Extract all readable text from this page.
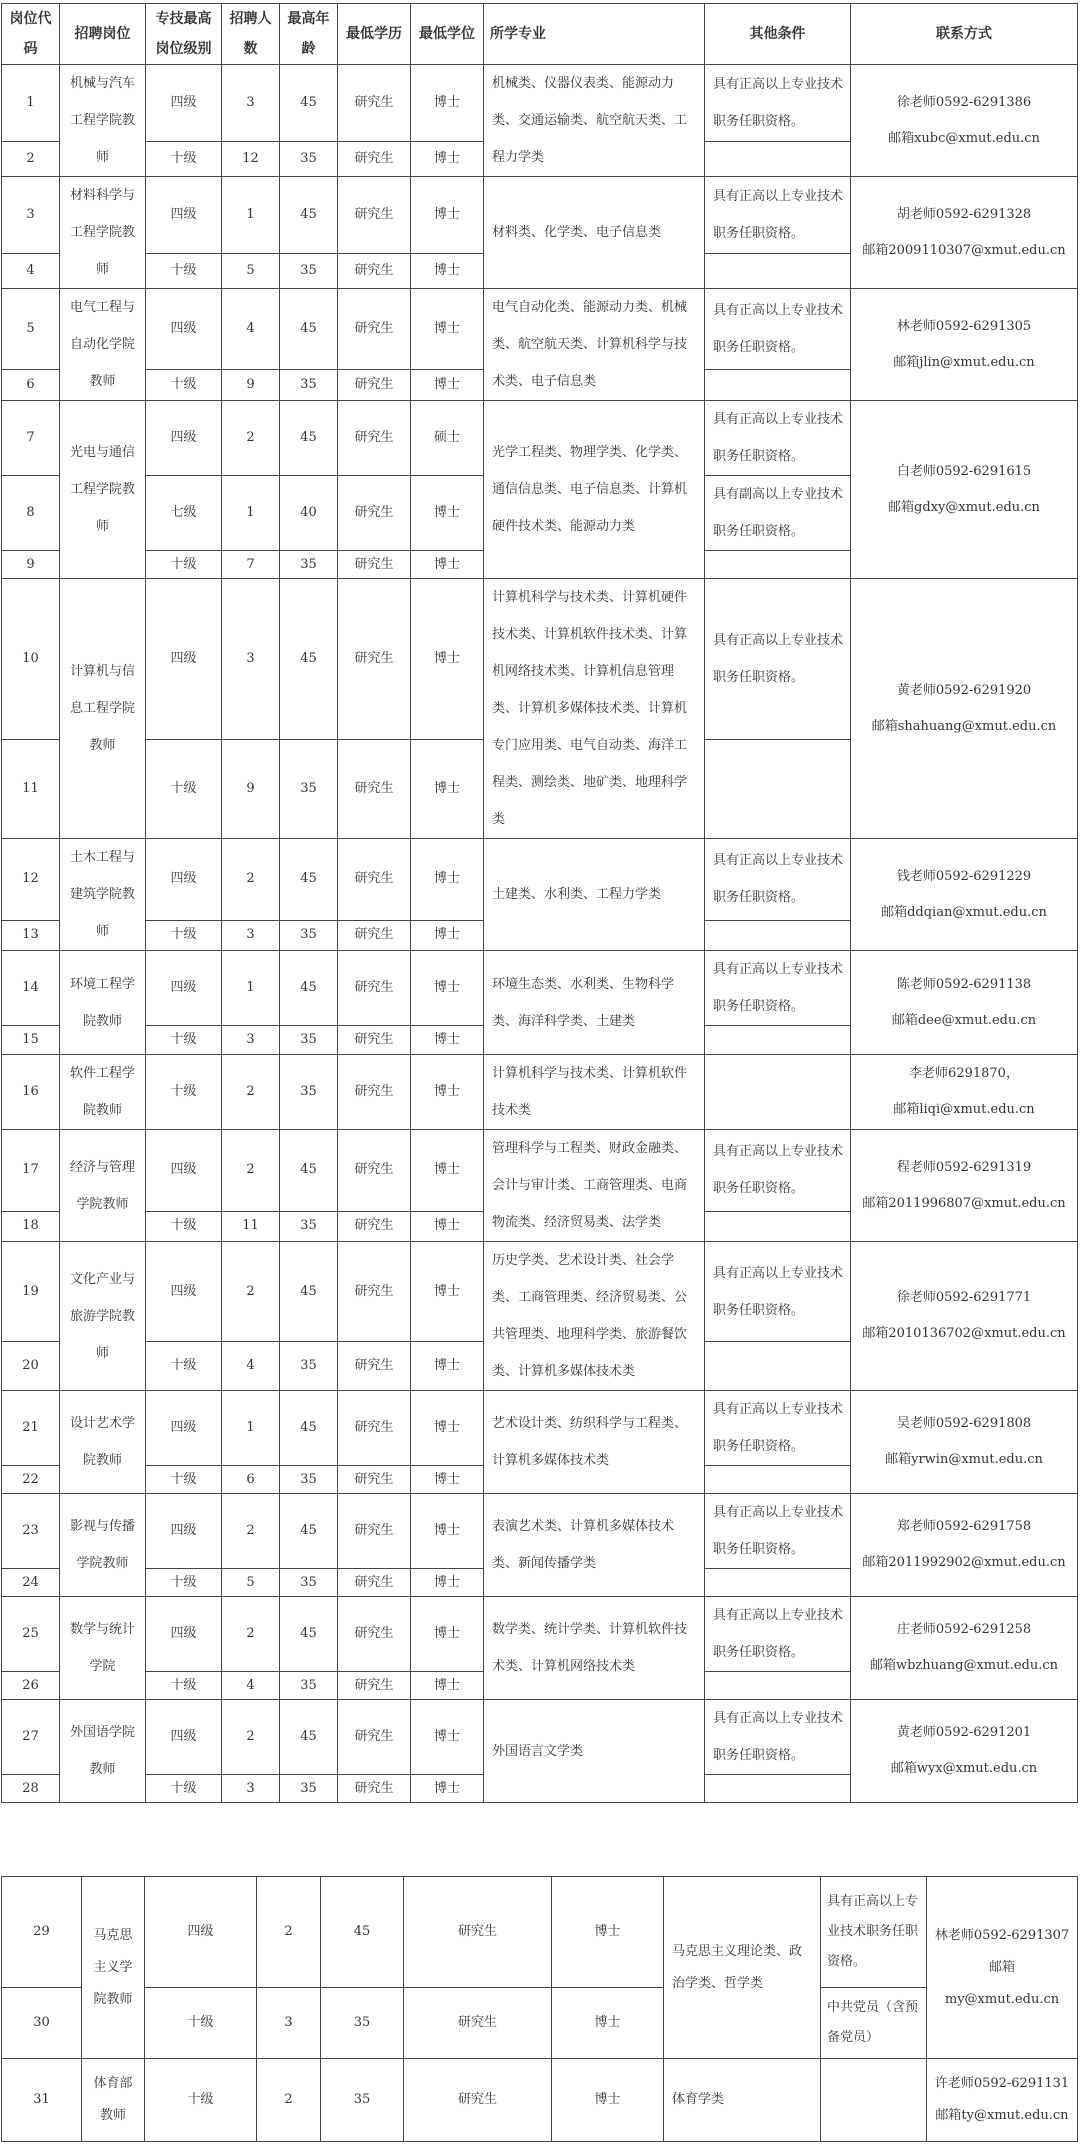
岗位代码	招聘岗位	专技最高岗位级别	招聘人数	最高年龄	最低学历	最低学位	所学专业	其他条件	联系方式
1	机械与汽车工程学院教师	四级	3	45	研究生	博士	机械类、仪器仪表类、能源动力类、交通运输类、航空航天类、工程力学类	具有正高以上专业技术职务任职资格。	徐老师0592-6291386
邮箱xubc@xmut.edu.cn

2		十级	12	35	研究生	博士			
3	材料科学与工程学院教师	四级	1	45	研究生	博士	材料类、化学类、电子信息类	具有正高以上专业技术职务任职资格。	胡老师0592-6291328
邮箱2009110307@xmut.edu.cn

4		十级	5	35	研究生	博士			
5	电气工程与自动化学院教师	四级	4	45	研究生	博士	电气自动化类、能源动力类、机械类、航空航天类、计算机科学与技术类、电子信息类	具有正高以上专业技术职务任职资格。	林老师0592-6291305
邮箱jlin@xmut.edu.cn

6		十级	9	35	研究生	博士			
7	光电与通信工程学院教师	四级	2	45	研究生	硕士	光学工程类、物理学类、化学类、通信信息类、电子信息类、计算机硬件技术类、能源动力类	具有正高以上专业技术职务任职资格。	白老师0592-6291615
邮箱gdxy@xmut.edu.cn

8		七级	1	40	研究生	博士		具有副高以上专业技术职务任职资格。	
9		十级	7	35	研究生	博士			
10	计算机与信息工程学院教师	四级	3	45	研究生	博士	计算机科学与技术类、计算机硬件技术类、计算机软件技术类、计算机网络技术类、计算机信息管理类、计算机多媒体技术类、计算机专门应用类、电气自动类、海洋工程类、测绘类、地矿类、地理科学类	具有正高以上专业技术职务任职资格。	黄老师0592-6291920
邮箱shahuang@xmut.edu.cn

11		十级	9	35	研究生	博士			
12	土木工程与建筑学院教师	四级	2	45	研究生	博士	土建类、水利类、工程力学类	具有正高以上专业技术职务任职资格。	钱老师0592-6291229
邮箱ddqian@xmut.edu.cn

13		十级	3	35	研究生	博士			
14	环境工程学院教师	四级	1	45	研究生	博士	环境生态类、水利类、生物科学类、海洋科学类、土建类	具有正高以上专业技术职务任职资格。	陈老师0592-6291138
邮箱dee@xmut.edu.cn

15		十级	3	35	研究生	博士			
16	软件工程学院教师	十级	2	35	研究生	博士	计算机科学与技术类、计算机软件技术类		李老师6291870，
邮箱liqi@xmut.edu.cn

17	经济与管理学院教师	四级	2	45	研究生	博士	管理科学与工程类、财政金融类、会计与审计类、工商管理类、电商物流类、经济贸易类、法学类	具有正高以上专业技术职务任职资格。	程老师0592-6291319
邮箱2011996807@xmut.edu.cn

18		十级	11	35	研究生	博士			
19	文化产业与旅游学院教师	四级	2	45	研究生	博士	历史学类、艺术设计类、社会学类、工商管理类、经济贸易类、公共管理类、地理科学类、旅游餐饮类、计算机多媒体技术类	具有正高以上专业技术职务任职资格。	徐老师0592-6291771
邮箱2010136702@xmut.edu.cn

20		十级	4	35	研究生	博士			
21	设计艺术学院教师	四级	1	45	研究生	博士	艺术设计类、纺织科学与工程类、计算机多媒体技术类	具有正高以上专业技术职务任职资格。	吴老师0592-6291808
邮箱yrwin@xmut.edu.cn

22		十级	6	35	研究生	博士			
23	影视与传播学院教师	四级	2	45	研究生	博士	表演艺术类、计算机多媒体技术类、新闻传播学类	具有正高以上专业技术职务任职资格。	郑老师0592-6291758
邮箱2011992902@xmut.edu.cn

24		十级	5	35	研究生	博士			
25	数学与统计学院	四级	2	45	研究生	博士	数学类、统计学类、计算机软件技术类、计算机网络技术类	具有正高以上专业技术职务任职资格。	庄老师0592-6291258
邮箱wbzhuang@xmut.edu.cn

26		十级	4	35	研究生	博士			
27	外国语学院教师	四级	2	45	研究生	博士	外国语言文学类	具有正高以上专业技术职务任职资格。	黄老师0592-6291201
邮箱wyx@xmut.edu.cn

28		十级	3	35	研究生	博士			
29	马克思主义学院教师	四级	2	45	研究生	博士	马克思主义理论类、政治学类、哲学类	具有正高以上专业技术职务任职资格。	林老师0592-6291307
邮箱my@xmut.edu.cn

30		十级	3	35	研究生	博士		中共党员（含预备党员）	
31	体育部教师	十级	2	35	研究生	博士	体育学类		许老师0592-6291131
邮箱ty@xmut.edu.cn
